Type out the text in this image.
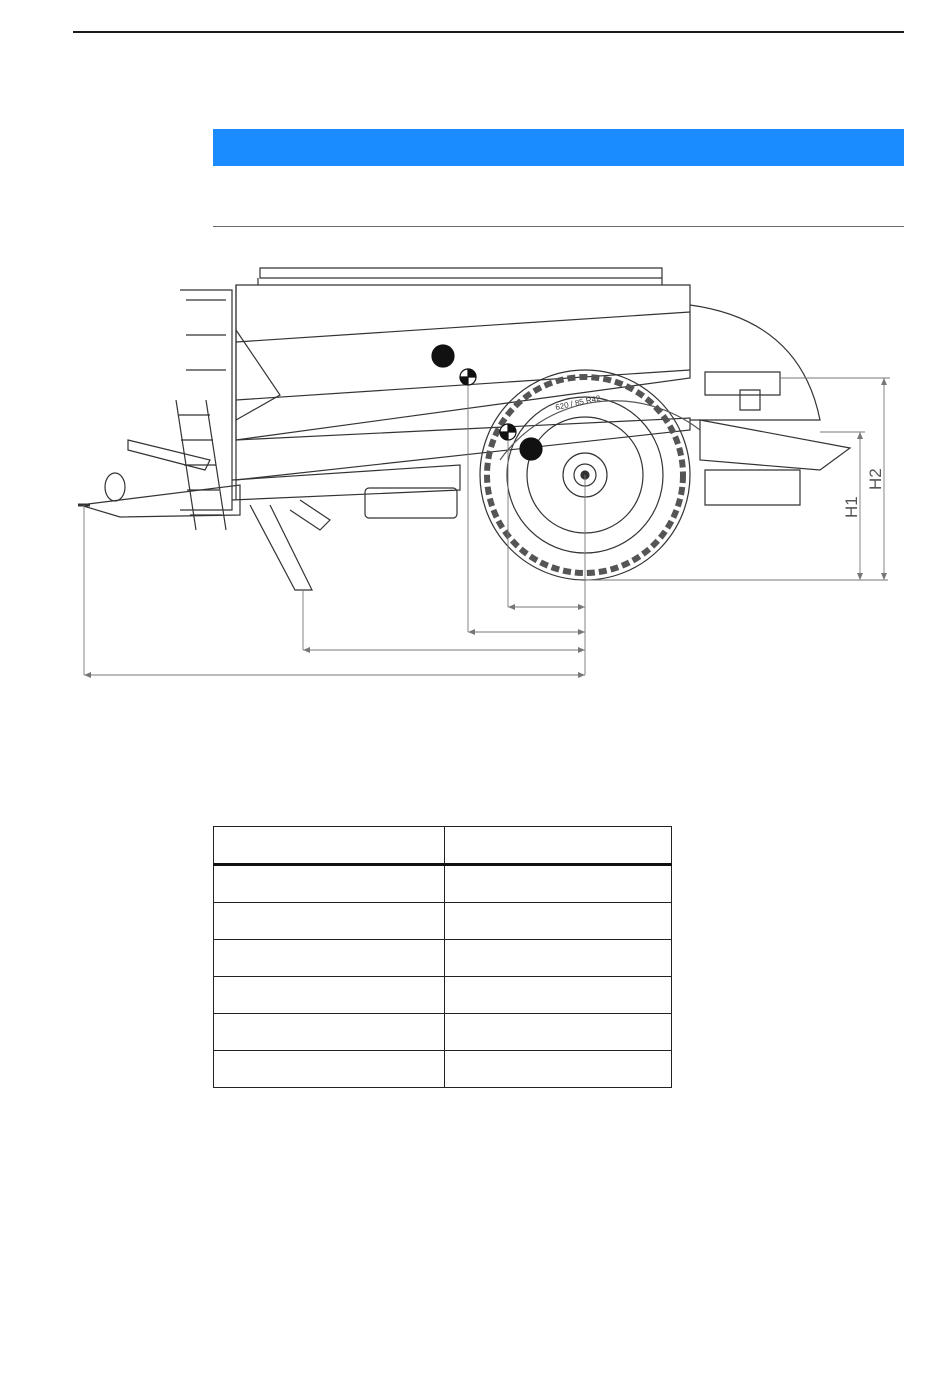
620 / 85 R42
H1
H2
